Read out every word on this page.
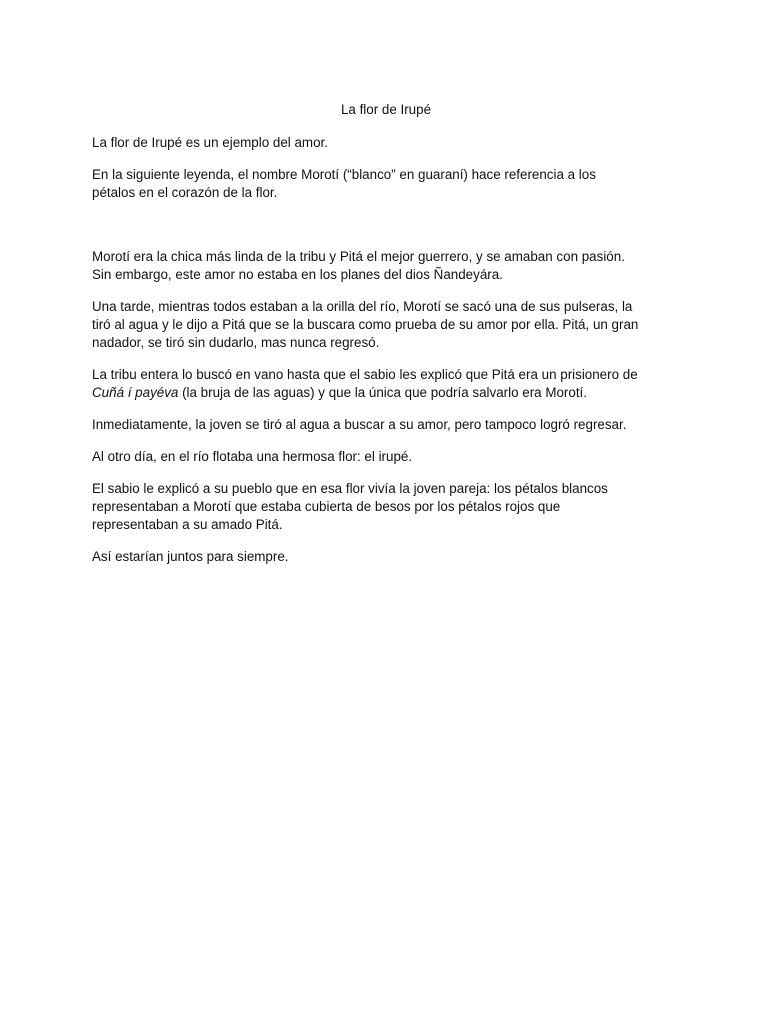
La flor de Irupé

La flor de Irupé es un ejemplo del amor.

En la siguiente leyenda, el nombre Morotí (“blanco” en guaraní) hace referencia a los
pétalos en el corazón de la flor.

Morotí era la chica más linda de la tribu y Pitá el mejor guerrero, y se amaban con pasión.
Sin embargo, este amor no estaba en los planes del dios Ñandeyára.

Una tarde, mientras todos estaban a la orilla del río, Morotí se sacó una de sus pulseras, la
tiró al agua y le dijo a Pitá que se la buscara como prueba de su amor por ella. Pitá, un gran
nadador, se tiró sin dudarlo, mas nunca regresó.

La tribu entera lo buscó en vano hasta que el sabio les explicó que Pitá era un prisionero de
Cuñá í payéva (la bruja de las aguas) y que la única que podría salvarlo era Morotí.

Inmediatamente, la joven se tiró al agua a buscar a su amor, pero tampoco logró regresar.

Al otro día, en el río flotaba una hermosa flor: el irupé.

El sabio le explicó a su pueblo que en esa flor vivía la joven pareja: los pétalos blancos
representaban a Morotí que estaba cubierta de besos por los pétalos rojos que
representaban a su amado Pitá.

Así estarían juntos para siempre.
